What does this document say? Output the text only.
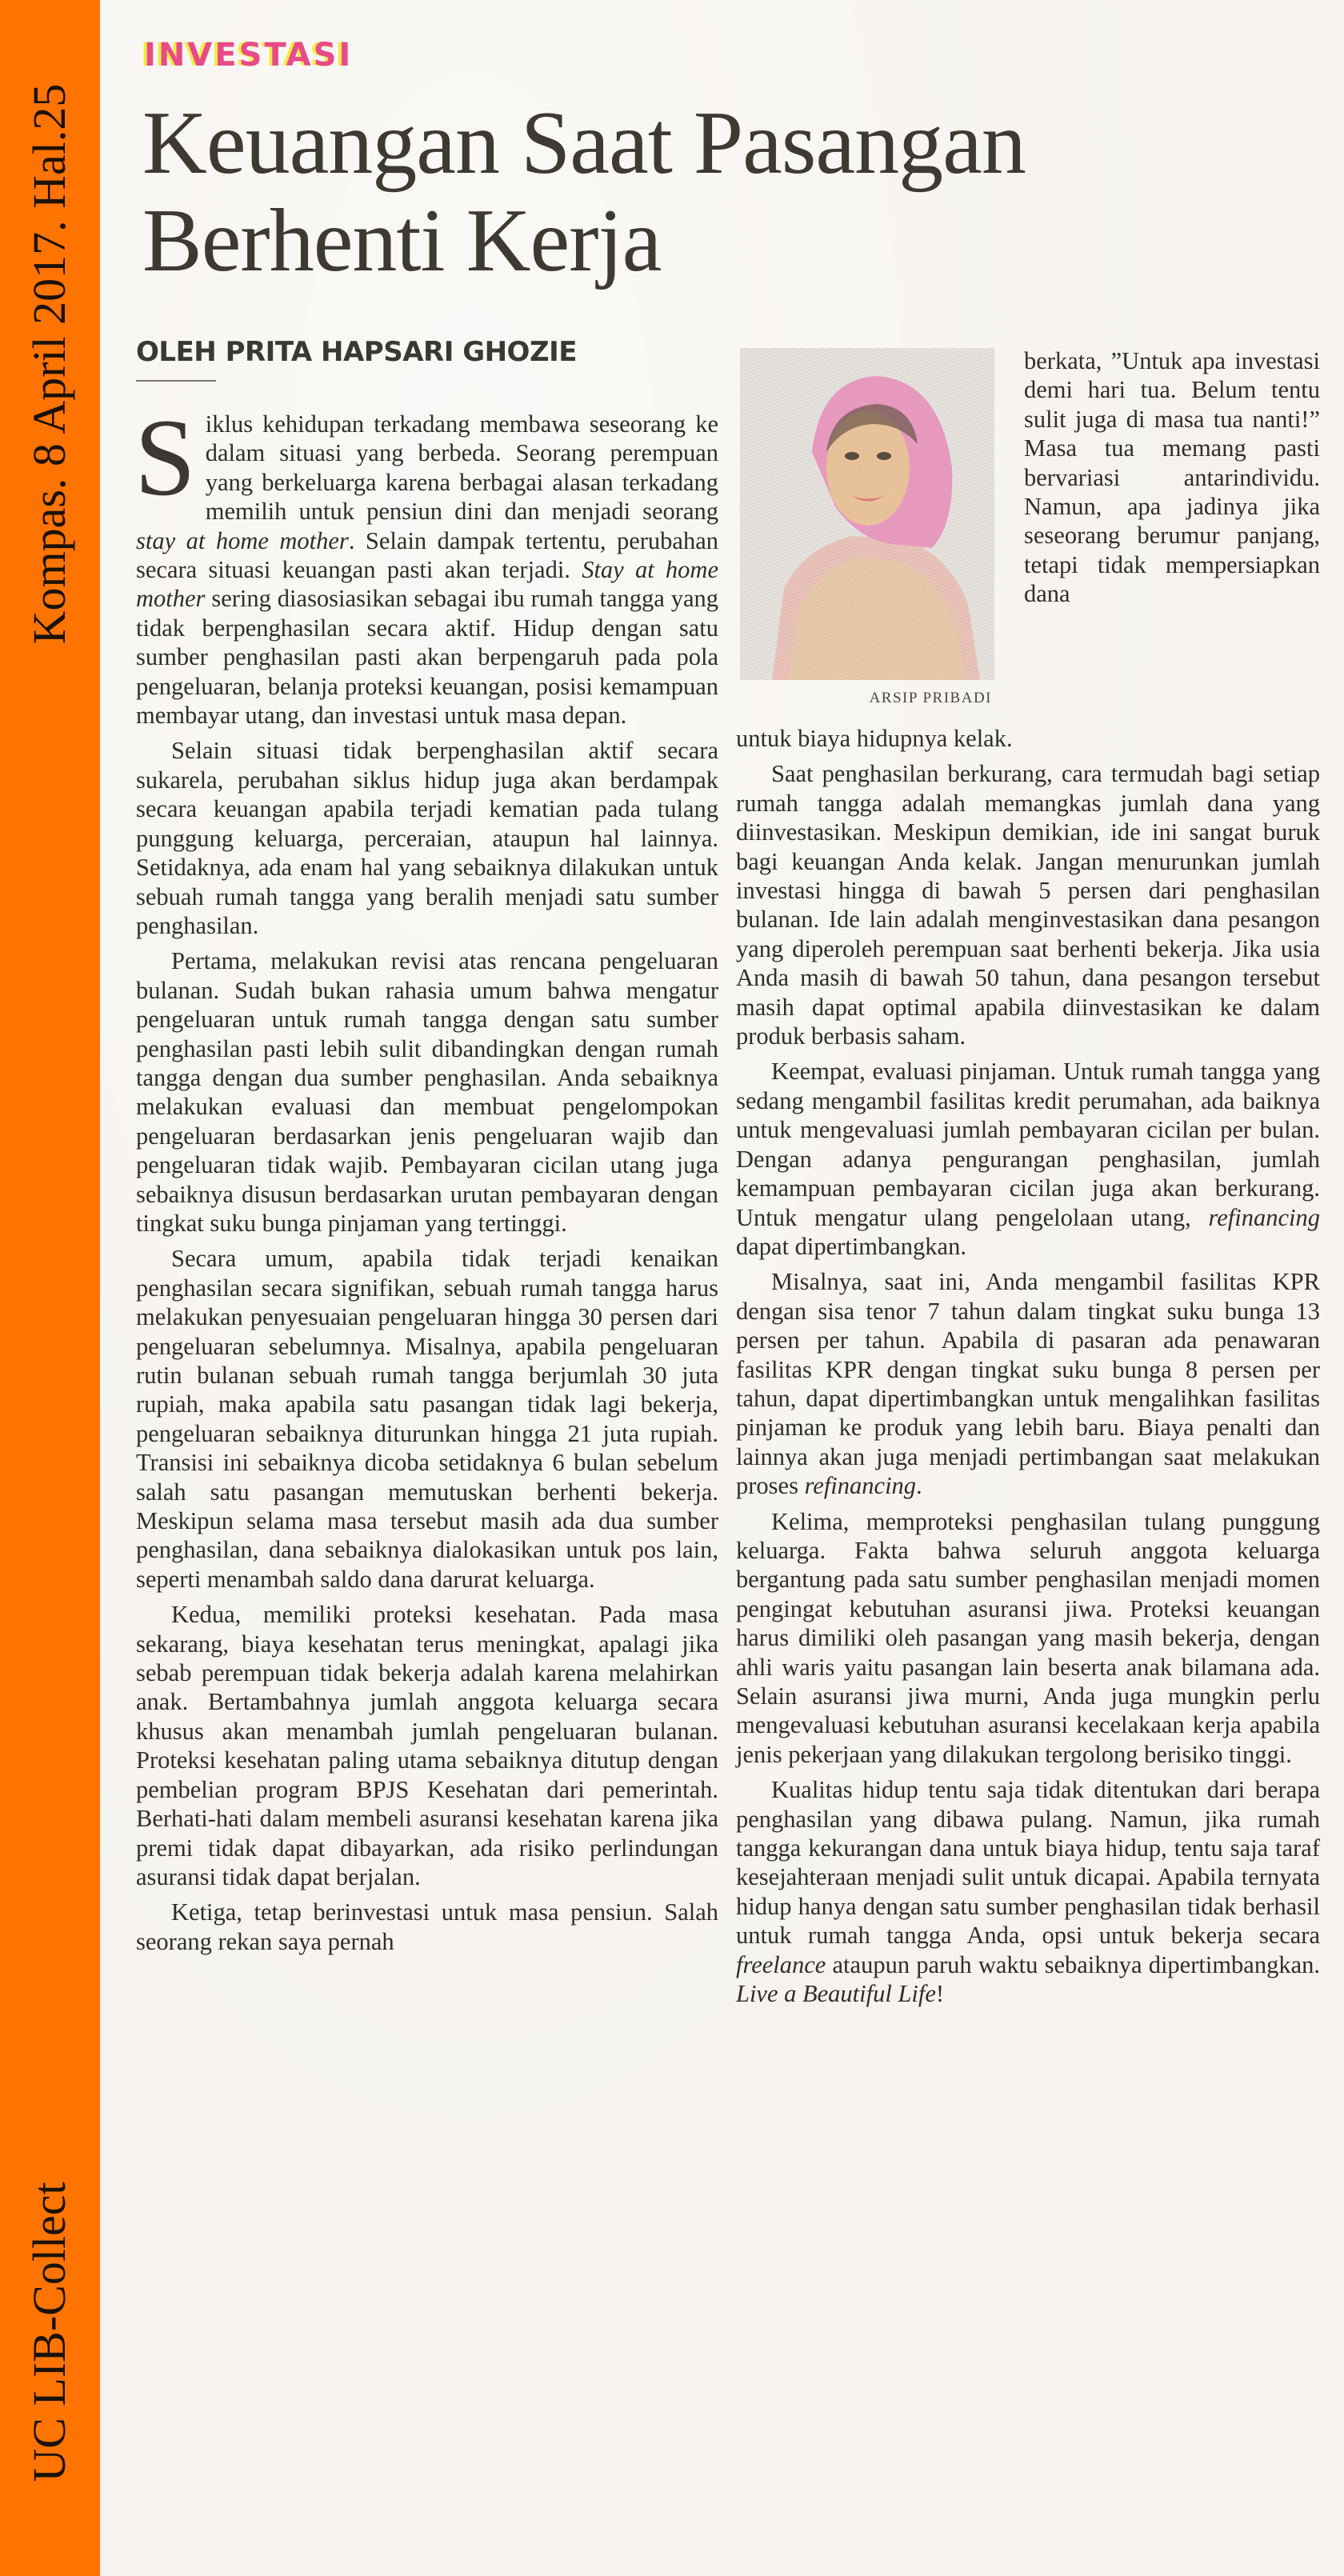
Kompas. 8 April 2017. Hal.25
UC LIB-Collect
INVESTASI
Keuangan Saat Pasangan
Berhenti Kerja
OLEH PRITA HAPSARI GHOZIE
S iklus kehidupan terkadang membawa seseorang ke dalam situasi yang berbeda. Seorang perempuan yang berkeluarga karena berbagai alasan terkadang memilih untuk pensiun dini dan menjadi seorang stay at home mother. Selain dampak tertentu, perubahan secara situasi keuangan pasti akan terjadi. Stay at home mother sering diasosiasikan sebagai ibu rumah tangga yang tidak berpenghasilan secara aktif. Hidup dengan satu sumber penghasilan pasti akan berpengaruh pada pola pengeluaran, belanja proteksi keuangan, posisi kemampuan membayar utang, dan investasi untuk masa depan.

Selain situasi tidak berpenghasilan aktif secara sukarela, perubahan siklus hidup juga akan berdampak secara keuangan apabila terjadi kematian pada tulang punggung keluarga, perceraian, ataupun hal lainnya. Setidaknya, ada enam hal yang sebaiknya dilakukan untuk sebuah rumah tangga yang beralih menjadi satu sumber penghasilan.

Pertama, melakukan revisi atas rencana pengeluaran bulanan. Sudah bukan rahasia umum bahwa mengatur pengeluaran untuk rumah tangga dengan satu sumber penghasilan pasti lebih sulit dibandingkan dengan rumah tangga dengan dua sumber penghasilan. Anda sebaiknya melakukan evaluasi dan membuat pengelompokan pengeluaran berdasarkan jenis pengeluaran wajib dan pengeluaran tidak wajib. Pembayaran cicilan utang juga sebaiknya disusun berdasarkan urutan pembayaran dengan tingkat suku bunga pinjaman yang tertinggi.

Secara umum, apabila tidak terjadi kenaikan penghasilan secara signifikan, sebuah rumah tangga harus melakukan penyesuaian pengeluaran hingga 30 persen dari pengeluaran sebelumnya. Misalnya, apabila pengeluaran rutin bulanan sebuah rumah tangga berjumlah 30 juta rupiah, maka apabila satu pasangan tidak lagi bekerja, pengeluaran sebaiknya diturunkan hingga 21 juta rupiah. Transisi ini sebaiknya dicoba setidaknya 6 bulan sebelum salah satu pasangan memutuskan berhenti bekerja. Meskipun selama masa tersebut masih ada dua sumber penghasilan, dana sebaiknya dialokasikan untuk pos lain, seperti menambah saldo dana darurat keluarga.

Kedua, memiliki proteksi kesehatan. Pada masa sekarang, biaya kesehatan terus meningkat, apalagi jika sebab perempuan tidak bekerja adalah karena melahirkan anak. Bertambahnya jumlah anggota keluarga secara khusus akan menambah jumlah pengeluaran bulanan. Proteksi kesehatan paling utama sebaiknya ditutup dengan pembelian program BPJS Kesehatan dari pemerintah. Berhati-hati dalam membeli asuransi kesehatan karena jika premi tidak dapat dibayarkan, ada risiko perlindungan asuransi tidak dapat berjalan.

Ketiga, tetap berinvestasi untuk masa pensiun. Salah seorang rekan saya pernah

ARSIP PRIBADI

berkata, ”Untuk apa investasi demi hari tua. Belum tentu sulit juga di masa tua nanti!” Masa tua memang pasti bervariasi antarindividu. Namun, apa jadinya jika seseorang berumur panjang, tetapi tidak mempersiapkan dana

untuk biaya hidupnya kelak.

Saat penghasilan berkurang, cara termudah bagi setiap rumah tangga adalah memangkas jumlah dana yang diinvestasikan. Meskipun demikian, ide ini sangat buruk bagi keuangan Anda kelak. Jangan menurunkan jumlah investasi hingga di bawah 5 persen dari penghasilan bulanan. Ide lain adalah menginvestasikan dana pesangon yang diperoleh perempuan saat berhenti bekerja. Jika usia Anda masih di bawah 50 tahun, dana pesangon tersebut masih dapat optimal apabila diinvestasikan ke dalam produk berbasis saham.

Keempat, evaluasi pinjaman. Untuk rumah tangga yang sedang mengambil fasilitas kredit perumahan, ada baiknya untuk mengevaluasi jumlah pembayaran cicilan per bulan. Dengan adanya pengurangan penghasilan, jumlah kemampuan pembayaran cicilan juga akan berkurang. Untuk mengatur ulang pengelolaan utang, refinancing dapat dipertimbangkan.

Misalnya, saat ini, Anda mengambil fasilitas KPR dengan sisa tenor 7 tahun dalam tingkat suku bunga 13 persen per tahun. Apabila di pasaran ada penawaran fasilitas KPR dengan tingkat suku bunga 8 persen per tahun, dapat dipertimbangkan untuk mengalihkan fasilitas pinjaman ke produk yang lebih baru. Biaya penalti dan lainnya akan juga menjadi pertimbangan saat melakukan proses refinancing.

Kelima, memproteksi penghasilan tulang punggung keluarga. Fakta bahwa seluruh anggota keluarga bergantung pada satu sumber penghasilan menjadi momen pengingat kebutuhan asuransi jiwa. Proteksi keuangan harus dimiliki oleh pasangan yang masih bekerja, dengan ahli waris yaitu pasangan lain beserta anak bilamana ada. Selain asuransi jiwa murni, Anda juga mungkin perlu mengevaluasi kebutuhan asuransi kecelakaan kerja apabila jenis pekerjaan yang dilakukan tergolong berisiko tinggi.

Kualitas hidup tentu saja tidak ditentukan dari berapa penghasilan yang dibawa pulang. Namun, jika rumah tangga kekurangan dana untuk biaya hidup, tentu saja taraf kesejahteraan menjadi sulit untuk dicapai. Apabila ternyata hidup hanya dengan satu sumber penghasilan tidak berhasil untuk rumah tangga Anda, opsi untuk bekerja secara freelance ataupun paruh waktu sebaiknya dipertimbangkan. Live a Beautiful Life!
